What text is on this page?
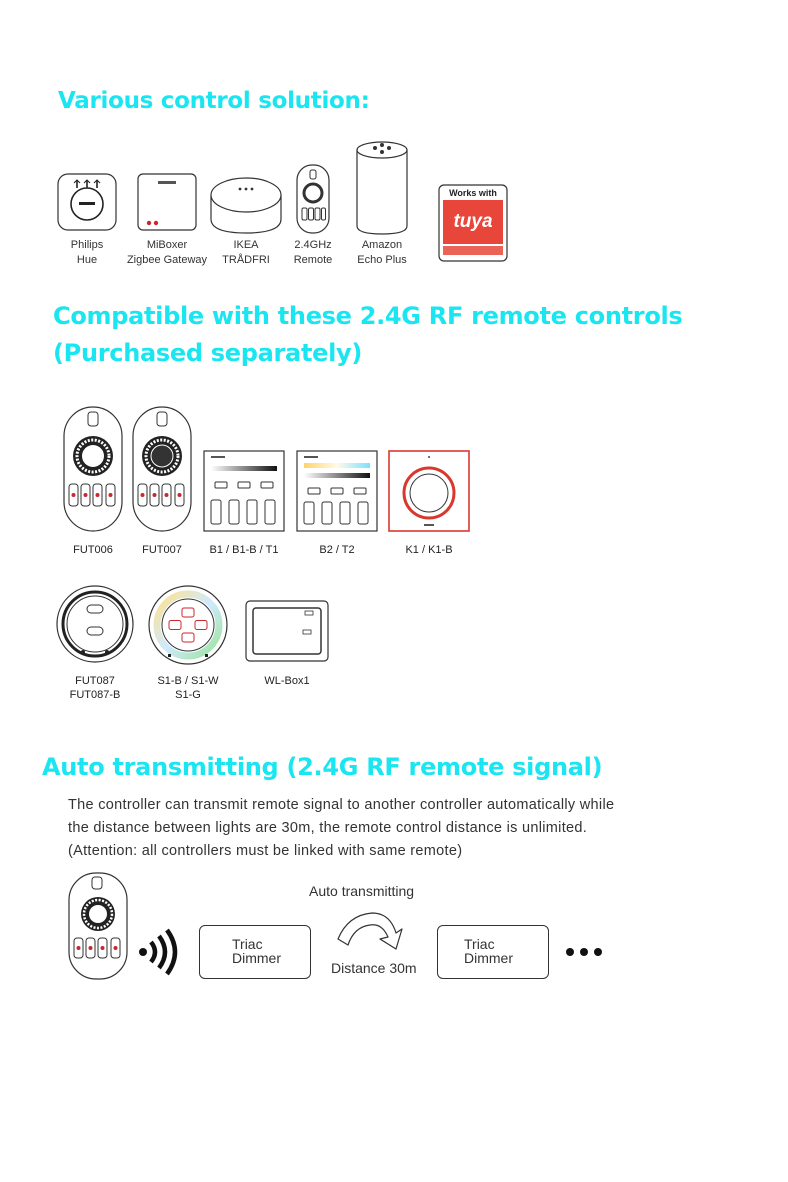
Various control solution:
Philips
Hue
MiBoxer
Zigbee Gateway
IKEA
TRÅDFRI
2.4GHz
Remote
Amazon
Echo Plus
Works with
tuya
Compatible with these 2.4G RF remote controls
(Purchased separately)
FUT006	FUT007	B1 / B1-B / T1	B2 / T2	K1 / K1-B
FUT087
FUT087-B
S1-B / S1-W
S1-G
WL-Box1
Auto transmitting (2.4G RF remote signal)
The controller can transmit remote signal to another controller automatically while
the distance between lights are 30m, the remote control distance is unlimited.
(Attention: all controllers must be linked with same remote)
Triac
Dimmer
Auto transmitting
Distance 30m
Triac
Dimmer
